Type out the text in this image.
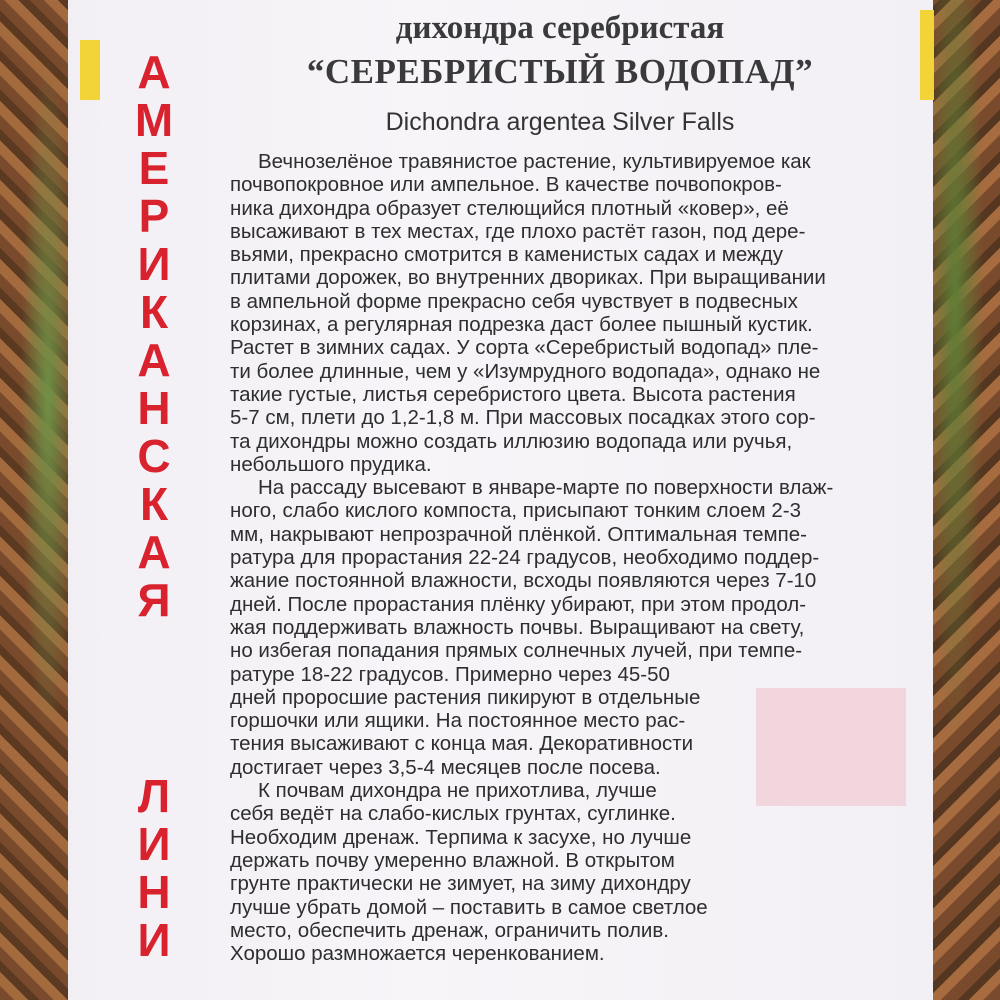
А
М
Е
Р
И
К
А
Н
С
К
А
Я
Л
И
Н
И
дихондра серебристая
“СЕРЕБРИСТЫЙ ВОДОПАД”
Dichondra argentea Silver Falls
Вечнозелёное травянистое растение, культивируемое как
почвопокровное или ампельное. В качестве почвопокров-
ника дихондра образует стелющийся плотный «ковер», её
высаживают в тех местах, где плохо растёт газон, под дере-
вьями, прекрасно смотрится в каменистых садах и между
плитами дорожек, во внутренних двориках. При выращивании
в ампельной форме прекрасно себя чувствует в подвесных
корзинах, а регулярная подрезка даст более пышный кустик.
Растет в зимних садах. У сорта «Серебристый водопад» пле-
ти более длинные, чем у «Изумрудного водопада», однако не
такие густые, листья серебристого цвета. Высота растения
5-7 см, плети до 1,2-1,8 м. При массовых посадках этого сор-
та дихондры можно создать иллюзию водопада или ручья,
небольшого прудика.
На рассаду высевают в январе-марте по поверхности влаж-
ного, слабо кислого компоста, присыпают тонким слоем 2-3
мм, накрывают непрозрачной плёнкой. Оптимальная темпе-
ратура для прорастания 22-24 градусов, необходимо поддер-
жание постоянной влажности, всходы появляются через 7-10
дней. После прорастания плёнку убирают, при этом продол-
жая поддерживать влажность почвы. Выращивают на свету,
но избегая попадания прямых солнечных лучей, при темпе-
ратуре 18-22 градусов. Примерно через 45-50
дней проросшие растения пикируют в отдельные
горшочки или ящики. На постоянное место рас-
тения высаживают с конца мая. Декоративности
достигает через 3,5-4 месяцев после посева.
К почвам дихондра не прихотлива, лучше
себя ведёт на слабо-кислых грунтах, суглинке.
Необходим дренаж. Терпима к засухе, но лучше
держать почву умеренно влажной. В открытом
грунте практически не зимует, на зиму дихондру
лучше убрать домой – поставить в самое светлое
место, обеспечить дренаж, ограничить полив.
Хорошо размножается черенкованием.
